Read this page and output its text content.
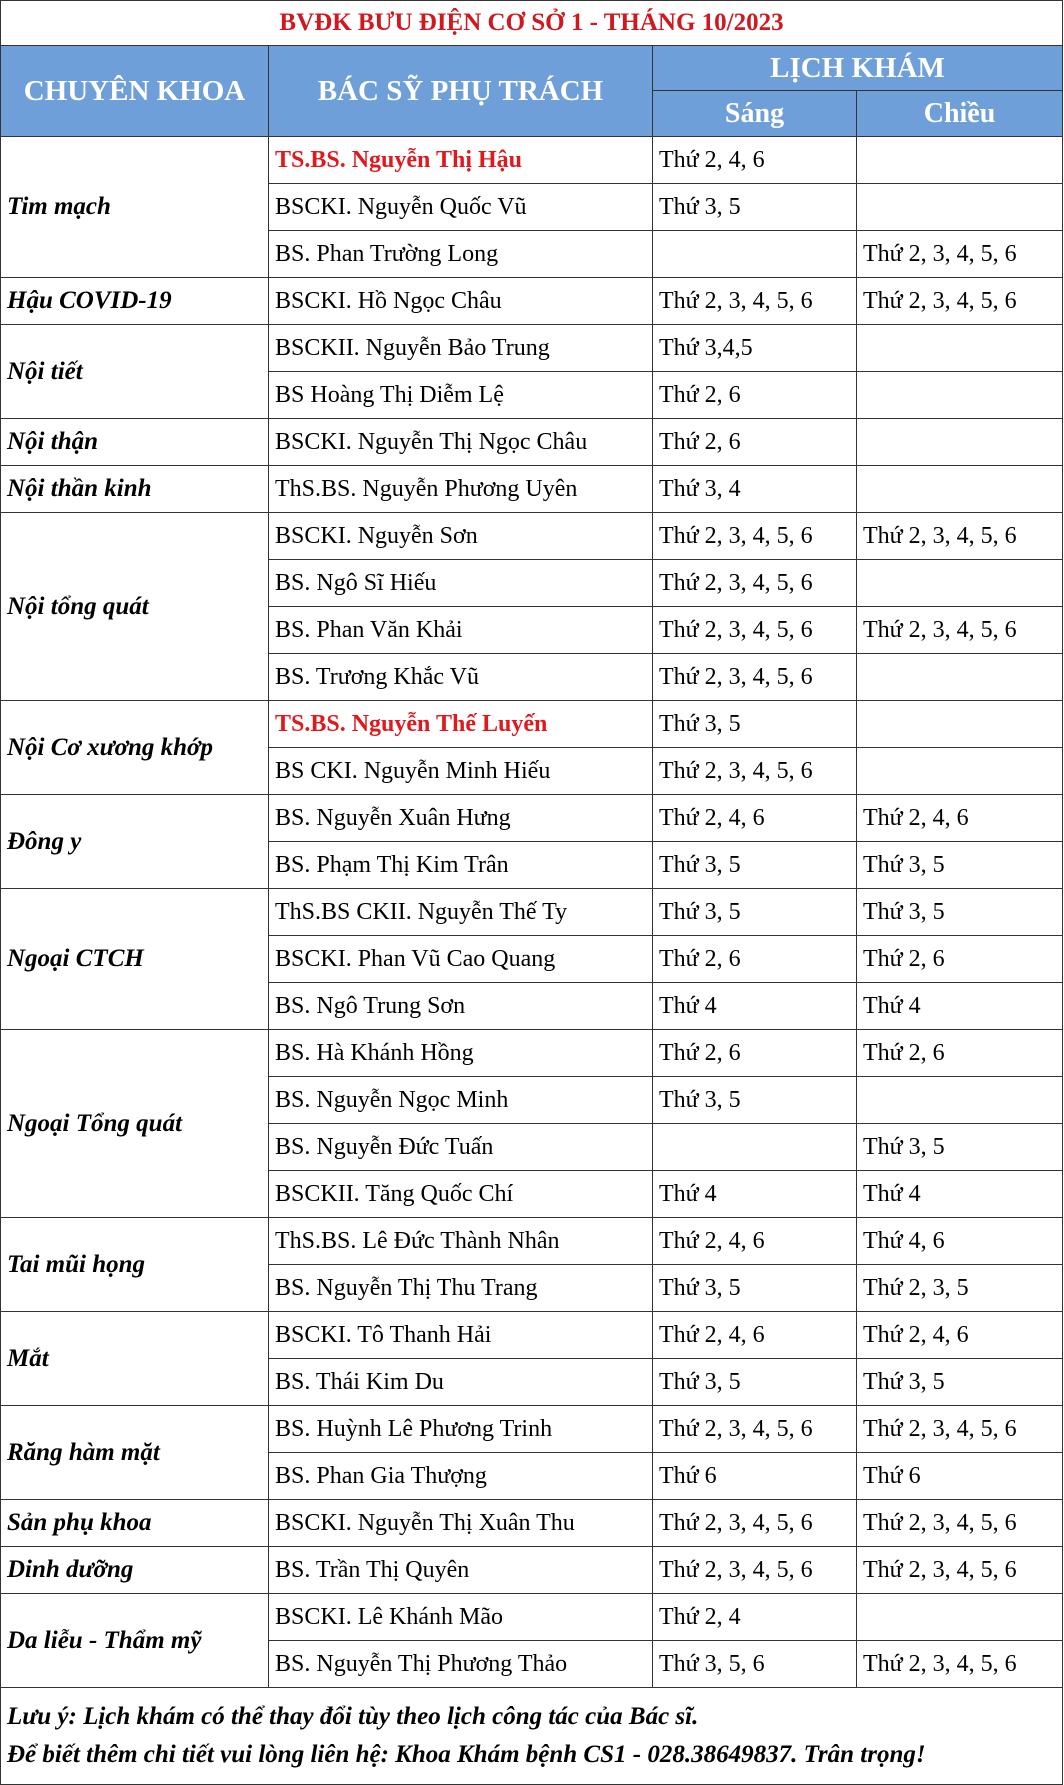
BVĐK BƯU ĐIỆN CƠ SỞ 1 - THÁNG 10/2023			
CHUYÊN KHOA	BÁC SỸ PHỤ TRÁCH	LỊCH KHÁM	
		Sáng	Chiều
Tim mạch	TS.BS. Nguyễn Thị Hậu	Thứ 2, 4, 6	
	BSCKI. Nguyễn Quốc Vũ	Thứ 3, 5	
	BS. Phan Trường Long		Thứ 2, 3, 4, 5, 6
Hậu COVID-19	BSCKI. Hồ Ngọc Châu	Thứ 2, 3, 4, 5, 6	Thứ 2, 3, 4, 5, 6
Nội tiết	BSCKII. Nguyễn Bảo Trung	Thứ 3,4,5	
	BS Hoàng Thị Diễm Lệ	Thứ 2, 6	
Nội thận	BSCKI. Nguyễn Thị Ngọc Châu	Thứ 2, 6	
Nội thần kinh	ThS.BS. Nguyễn Phương Uyên	Thứ 3, 4	
Nội tổng quát	BSCKI. Nguyễn Sơn	Thứ 2, 3, 4, 5, 6	Thứ 2, 3, 4, 5, 6
	BS. Ngô Sĩ Hiếu	Thứ 2, 3, 4, 5, 6	
	BS. Phan Văn Khải	Thứ 2, 3, 4, 5, 6	Thứ 2, 3, 4, 5, 6
	BS. Trương Khắc Vũ	Thứ 2, 3, 4, 5, 6	
Nội Cơ xương khớp	TS.BS. Nguyễn Thế Luyến	Thứ 3, 5	
	BS CKI. Nguyễn Minh Hiếu	Thứ 2, 3, 4, 5, 6	
Đông y	BS. Nguyễn Xuân Hưng	Thứ 2, 4, 6	Thứ 2, 4, 6
	BS. Phạm Thị Kim Trân	Thứ 3, 5	Thứ 3, 5
Ngoại CTCH	ThS.BS CKII. Nguyễn Thế Ty	Thứ 3, 5	Thứ 3, 5
	BSCKI. Phan Vũ Cao Quang	Thứ 2, 6	Thứ 2, 6
	BS. Ngô Trung Sơn	Thứ 4	Thứ 4
Ngoại Tổng quát	BS. Hà Khánh Hồng	Thứ 2, 6	Thứ 2, 6
	BS. Nguyễn Ngọc Minh	Thứ 3, 5	
	BS. Nguyễn Đức Tuấn		Thứ 3, 5
	BSCKII. Tăng Quốc Chí	Thứ 4	Thứ 4
Tai mũi họng	ThS.BS. Lê Đức Thành Nhân	Thứ 2, 4, 6	Thứ 4, 6
	BS. Nguyễn Thị Thu Trang	Thứ 3, 5	Thứ 2, 3, 5
Mắt	BSCKI. Tô Thanh Hải	Thứ 2, 4, 6	Thứ 2, 4, 6
	BS. Thái Kim Du	Thứ 3, 5	Thứ 3, 5
Răng hàm mặt	BS. Huỳnh Lê Phương Trinh	Thứ 2, 3, 4, 5, 6	Thứ 2, 3, 4, 5, 6
	BS. Phan Gia Thượng	Thứ 6	Thứ 6
Sản phụ khoa	BSCKI. Nguyễn Thị Xuân Thu	Thứ 2, 3, 4, 5, 6	Thứ 2, 3, 4, 5, 6
Dinh dưỡng	BS. Trần Thị Quyên	Thứ 2, 3, 4, 5, 6	Thứ 2, 3, 4, 5, 6
Da liễu - Thẩm mỹ	BSCKI. Lê Khánh Mão	Thứ 2, 4	
	BS. Nguyễn Thị Phương Thảo	Thứ 3, 5, 6	Thứ 2, 3, 4, 5, 6

Lưu ý: Lịch khám có thể thay đổi tùy theo lịch công tác của Bác sĩ.
Để biết thêm chi tiết vui lòng liên hệ: Khoa Khám bệnh CS1 - 028.38649837. Trân trọng!			
